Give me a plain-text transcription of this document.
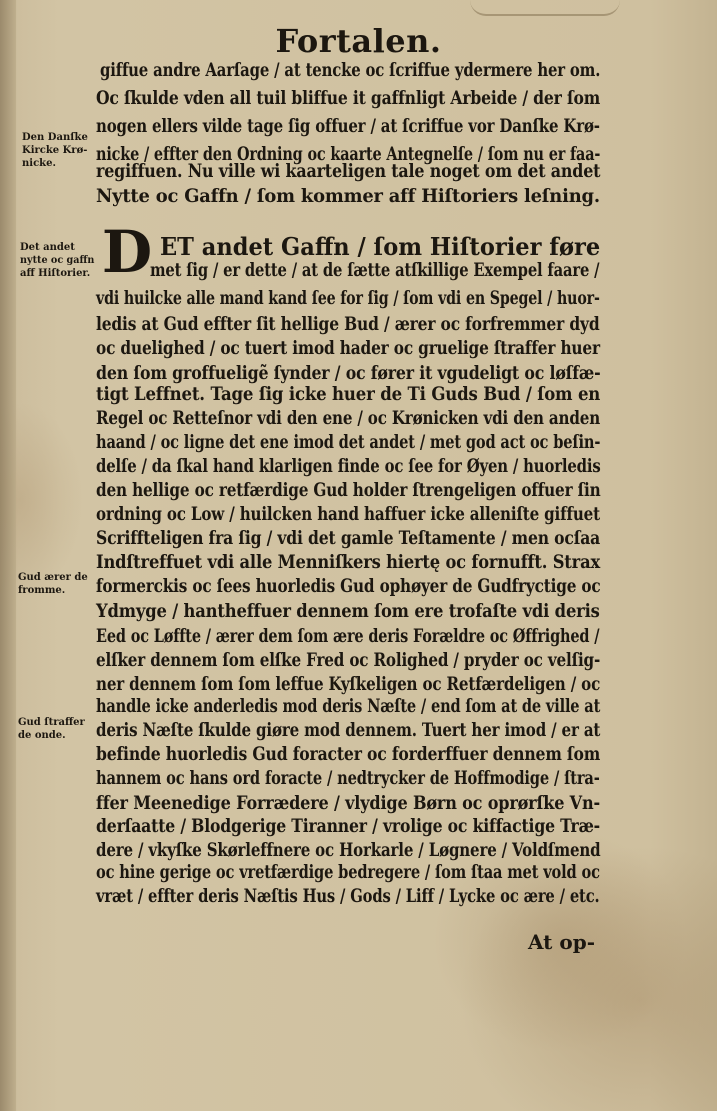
Fortalen.
giffue andre Aarſage / at tencke oc ſcriffue ydermere her om.
Oc ſkulde vden all tuil bliffue it gaffnligt Arbeide / der ſom
nogen ellers vilde tage ſig offuer / at ſcriffue vor Danſke Krø-
nicke / effter den Ordning oc kaarte Antegnelſe / ſom nu er faa-
regiffuen. Nu ville wi kaarteligen tale noget om det andet
Nytte oc Gaffn / ſom kommer aff Hiſtoriers leſning.
D ET andet Gaffn / ſom Hiſtorier føre
met ſig / er dette / at de ſætte atſkillige Exempel faare /
vdi huilcke alle mand kand ſee for ſig / ſom vdi en Spegel / huor-
ledis at Gud effter ſit hellige Bud / ærer oc forfremmer dyd
oc duelighed / oc tuert imod hader oc gruelige ſtraffer huer
den ſom groffueligẽ ſynder / oc fører it vgudeligt oc løſfæ-
tigt Leffnet. Tage ſig icke huer de Ti Guds Bud / ſom en
Regel oc Retteſnor vdi den ene / oc Krønicken vdi den anden
haand / oc ligne det ene imod det andet / met god act oc beſin-
delſe / da ſkal hand klarligen finde oc ſee for Øyen / huorledis
den hellige oc retfærdige Gud holder ſtrengeligen offuer ſin
ordning oc Low / huilcken hand haffuer icke alleniſte giffuet
Scriffteligen fra ſig / vdi det gamle Teſtamente / men ocſaa
Indſtreffuet vdi alle Menniſkers hiertę oc fornufft. Strax
formerckis oc ſees huorledis Gud ophøyer de Gudfryctige oc
Ydmyge / hantheffuer dennem ſom ere trofaſte vdi deris
Eed oc Løffte / ærer dem ſom ære deris Forældre oc Øffrighed /
elſker dennem ſom elſke Fred oc Rolighed / pryder oc velſig-
ner dennem ſom ſom leffue Kyſkeligen oc Retfærdeligen / oc
handle icke anderledis mod deris Næſte / end ſom at de ville at
deris Næſte ſkulde giøre mod dennem. Tuert her imod / er at
befinde huorledis Gud foracter oc forderffuer dennem ſom
hannem oc hans ord foracte / nedtrycker de Hoffmodige / ſtra-
ffer Meenedige Forrædere / vlydige Børn oc oprørſke Vn-
derſaatte / Blodgerige Tiranner / vrolige oc kiffactige Træ-
dere / vkyſke Skørleffnere oc Horkarle / Løgnere / Voldſmend
oc hine gerige oc vretfærdige bedregere / ſom ſtaa met vold oc
vræt / effter deris Næſtis Hus / Gods / Liff / Lycke oc ære / etc.
Den Danſke
Kircke Krø-
nicke.
Det andet
nytte oc gaffn
aff Hiſtorier.
Gud ærer de
fromme.
Gud ſtraffer
de onde.
At op-
